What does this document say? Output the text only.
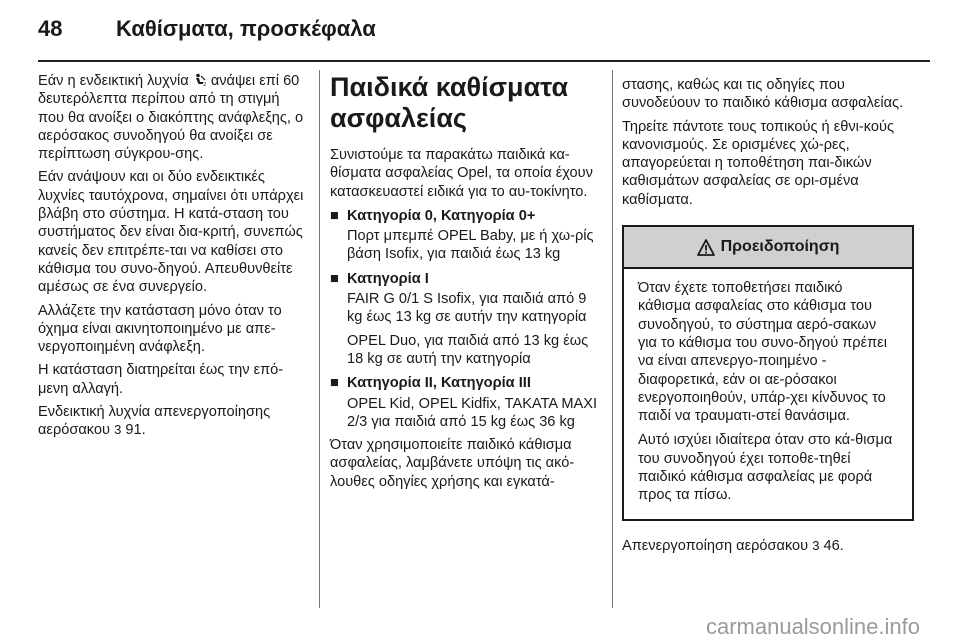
48 Καθίσματα, προσκέφαλα

Εάν η ενδεικτική λυχνία 2 ανάψει επί 60 δευτερόλεπτα περίπου από τη στιγμή που θα ανοίξει ο διακόπτης ανάφλεξης, ο αερόσακος συνοδηγού θα ανοίξει σε περίπτωση σύγκρου-σης.

Εάν ανάψουν και οι δύο ενδεικτικές λυχνίες ταυτόχρονα, σημαίνει ότι υπάρχει βλάβη στο σύστημα. Η κατά-σταση του συστήματος δεν είναι δια-κριτή, συνεπώς κανείς δεν επιτρέπε-ται να καθίσει στο κάθισμα του συνο-δηγού. Απευθυνθείτε αμέσως σε ένα συνεργείο.

Αλλάζετε την κατάσταση μόνο όταν το όχημα είναι ακινητοποιημένο με απε-νεργοποιημένη ανάφλεξη.

Η κατάσταση διατηρείται έως την επό-μενη αλλαγή.

Ενδεικτική λυχνία απενεργοποίησης αερόσακου 3 91.

Παιδικά καθίσματα ασφαλείας

Συνιστούμε τα παρακάτω παιδικά κα-θίσματα ασφαλείας Opel, τα οποία έχουν κατασκευαστεί ειδικά για το αυ-τοκίνητο.

■ Κατηγορία 0, Κατηγορία 0+

Πορτ μπεμπέ OPEL Baby, με ή χω-ρίς βάση Isofix, για παιδιά έως 13 kg

■ Κατηγορία I

FAIR G 0/1 S Isofix, για παιδιά από 9 kg έως 13 kg σε αυτήν την κατηγορία

OPEL Duo, για παιδιά από 13 kg έως 18 kg σε αυτή την κατηγορία

■ Κατηγορία II, Κατηγορία III

OPEL Kid, OPEL Kidfix, TAKATA MAXI 2/3 για παιδιά από 15 kg έως 36 kg

Όταν χρησιμοποιείτε παιδικό κάθισμα ασφαλείας, λαμβάνετε υπόψη τις ακό-λουθες οδηγίες χρήσης και εγκατά-

στασης, καθώς και τις οδηγίες που συνοδεύουν το παιδικό κάθισμα ασφαλείας.

Τηρείτε πάντοτε τους τοπικούς ή εθνι-κούς κανονισμούς. Σε ορισμένες χώ-ρες, απαγορεύεται η τοποθέτηση παι-δικών καθισμάτων ασφαλείας σε ορι-σμένα καθίσματα.

Προειδοποίηση

Όταν έχετε τοποθετήσει παιδικό κάθισμα ασφαλείας στο κάθισμα του συνοδηγού, το σύστημα αερό-σακων για το κάθισμα του συνο-δηγού πρέπει να είναι απενεργο-ποιημένο - διαφορετικά, εάν οι αε-ρόσακοι ενεργοποιηθούν, υπάρ-χει κίνδυνος το παιδί να τραυματι-στεί θανάσιμα.

Αυτό ισχύει ιδιαίτερα όταν στο κά-θισμα του συνοδηγού έχει τοποθε-τηθεί παιδικό κάθισμα ασφαλείας με φορά προς τα πίσω.

Απενεργοποίηση αερόσακου 3 46.

carmanualsonline.info
